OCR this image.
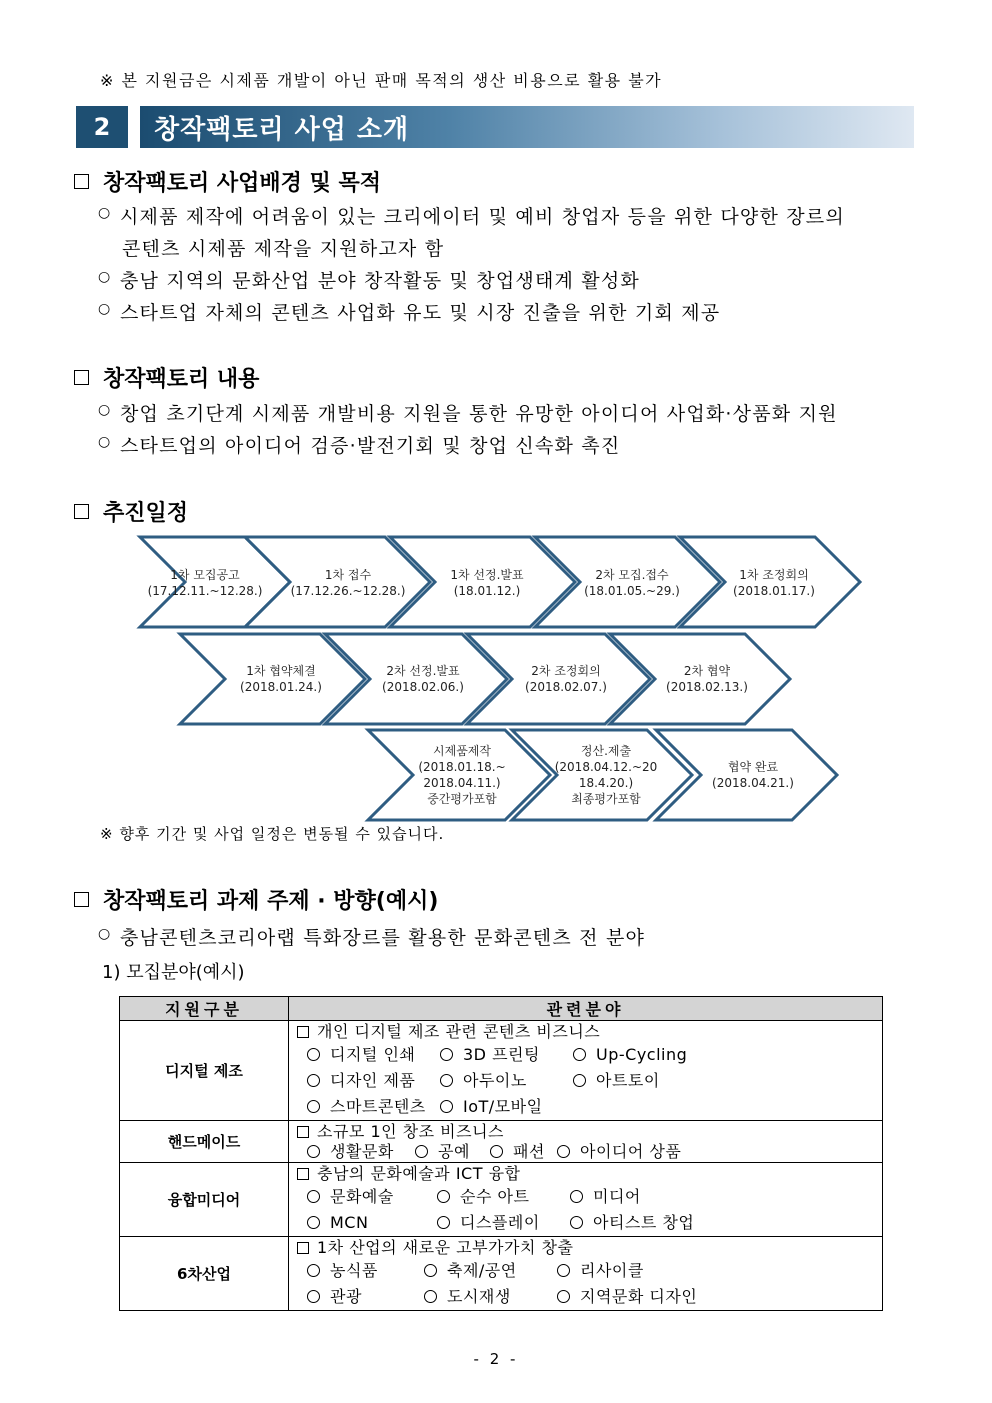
※ 본 지원금은 시제품 개발이 아닌 판매 목적의 생산 비용으로 활용 불가
2	창작팩토리 사업 소개
창작팩토리 사업배경 및 목적
○ 시제품 제작에 어려움이 있는 크리에이터 및 예비 창업자 등을 위한 다양한 장르의
콘텐츠 시제품 제작을 지원하고자 함
○ 충남 지역의 문화산업 분야 창작활동 및 창업생태계 활성화
○ 스타트업 자체의 콘텐츠 사업화 유도 및 시장 진출을 위한 기회 제공
창작팩토리 내용
○ 창업 초기단계 시제품 개발비용 지원을 통한 유망한 아이디어 사업화·상품화 지원
○ 스타트업의 아이디어 검증·발전기회 및 창업 신속화 촉진
추진일정
1차 모집공고
(17.12.11.~12.28.)
1차 접수
(17.12.26.~12.28.)
1차 선정.발표
(18.01.12.)
2차 모집.접수
(18.01.05.~29.)
1차 조정회의
(2018.01.17.)
1차 협약체결
(2018.01.24.)
2차 선정.발표
(2018.02.06.)
2차 조정회의
(2018.02.07.)
2차 협약
(2018.02.13.)
시제품제작
(2018.01.18.~
2018.04.11.)
중간평가포함
정산.제출
(2018.04.12.~20
18.4.20.)
최종평가포함
협약 완료
(2018.04.21.)
※ 향후 기간 및 사업 일정은 변동될 수 있습니다.
창작팩토리 과제 주제 · 방향(예시)
○ 충남콘텐츠코리아랩 특화장르를 활용한 문화콘텐츠 전 분야
1) 모집분야(예시)
지원구분	관련분야
디지털 제조	개인 디지털 제조 관련 콘텐츠 비즈니스
디지털 인쇄 3D 프린팅 Up-Cycling
디자인 제품 아두이노 아트토이
스마트콘텐츠 IoT/모바일

핸드메이드	소규모 1인 창조 비즈니스
생활문화 공예 패션 아이디어 상품

융합미디어	충남의 문화예술과 ICT 융합
문화예술 순수 아트 미디어
MCN 디스플레이 아티스트 창업

6차산업	1차 산업의 새로운 고부가가치 창출
농식품 축제/공연 리사이클
관광 도시재생 지역문화 디자인
- 2 -
